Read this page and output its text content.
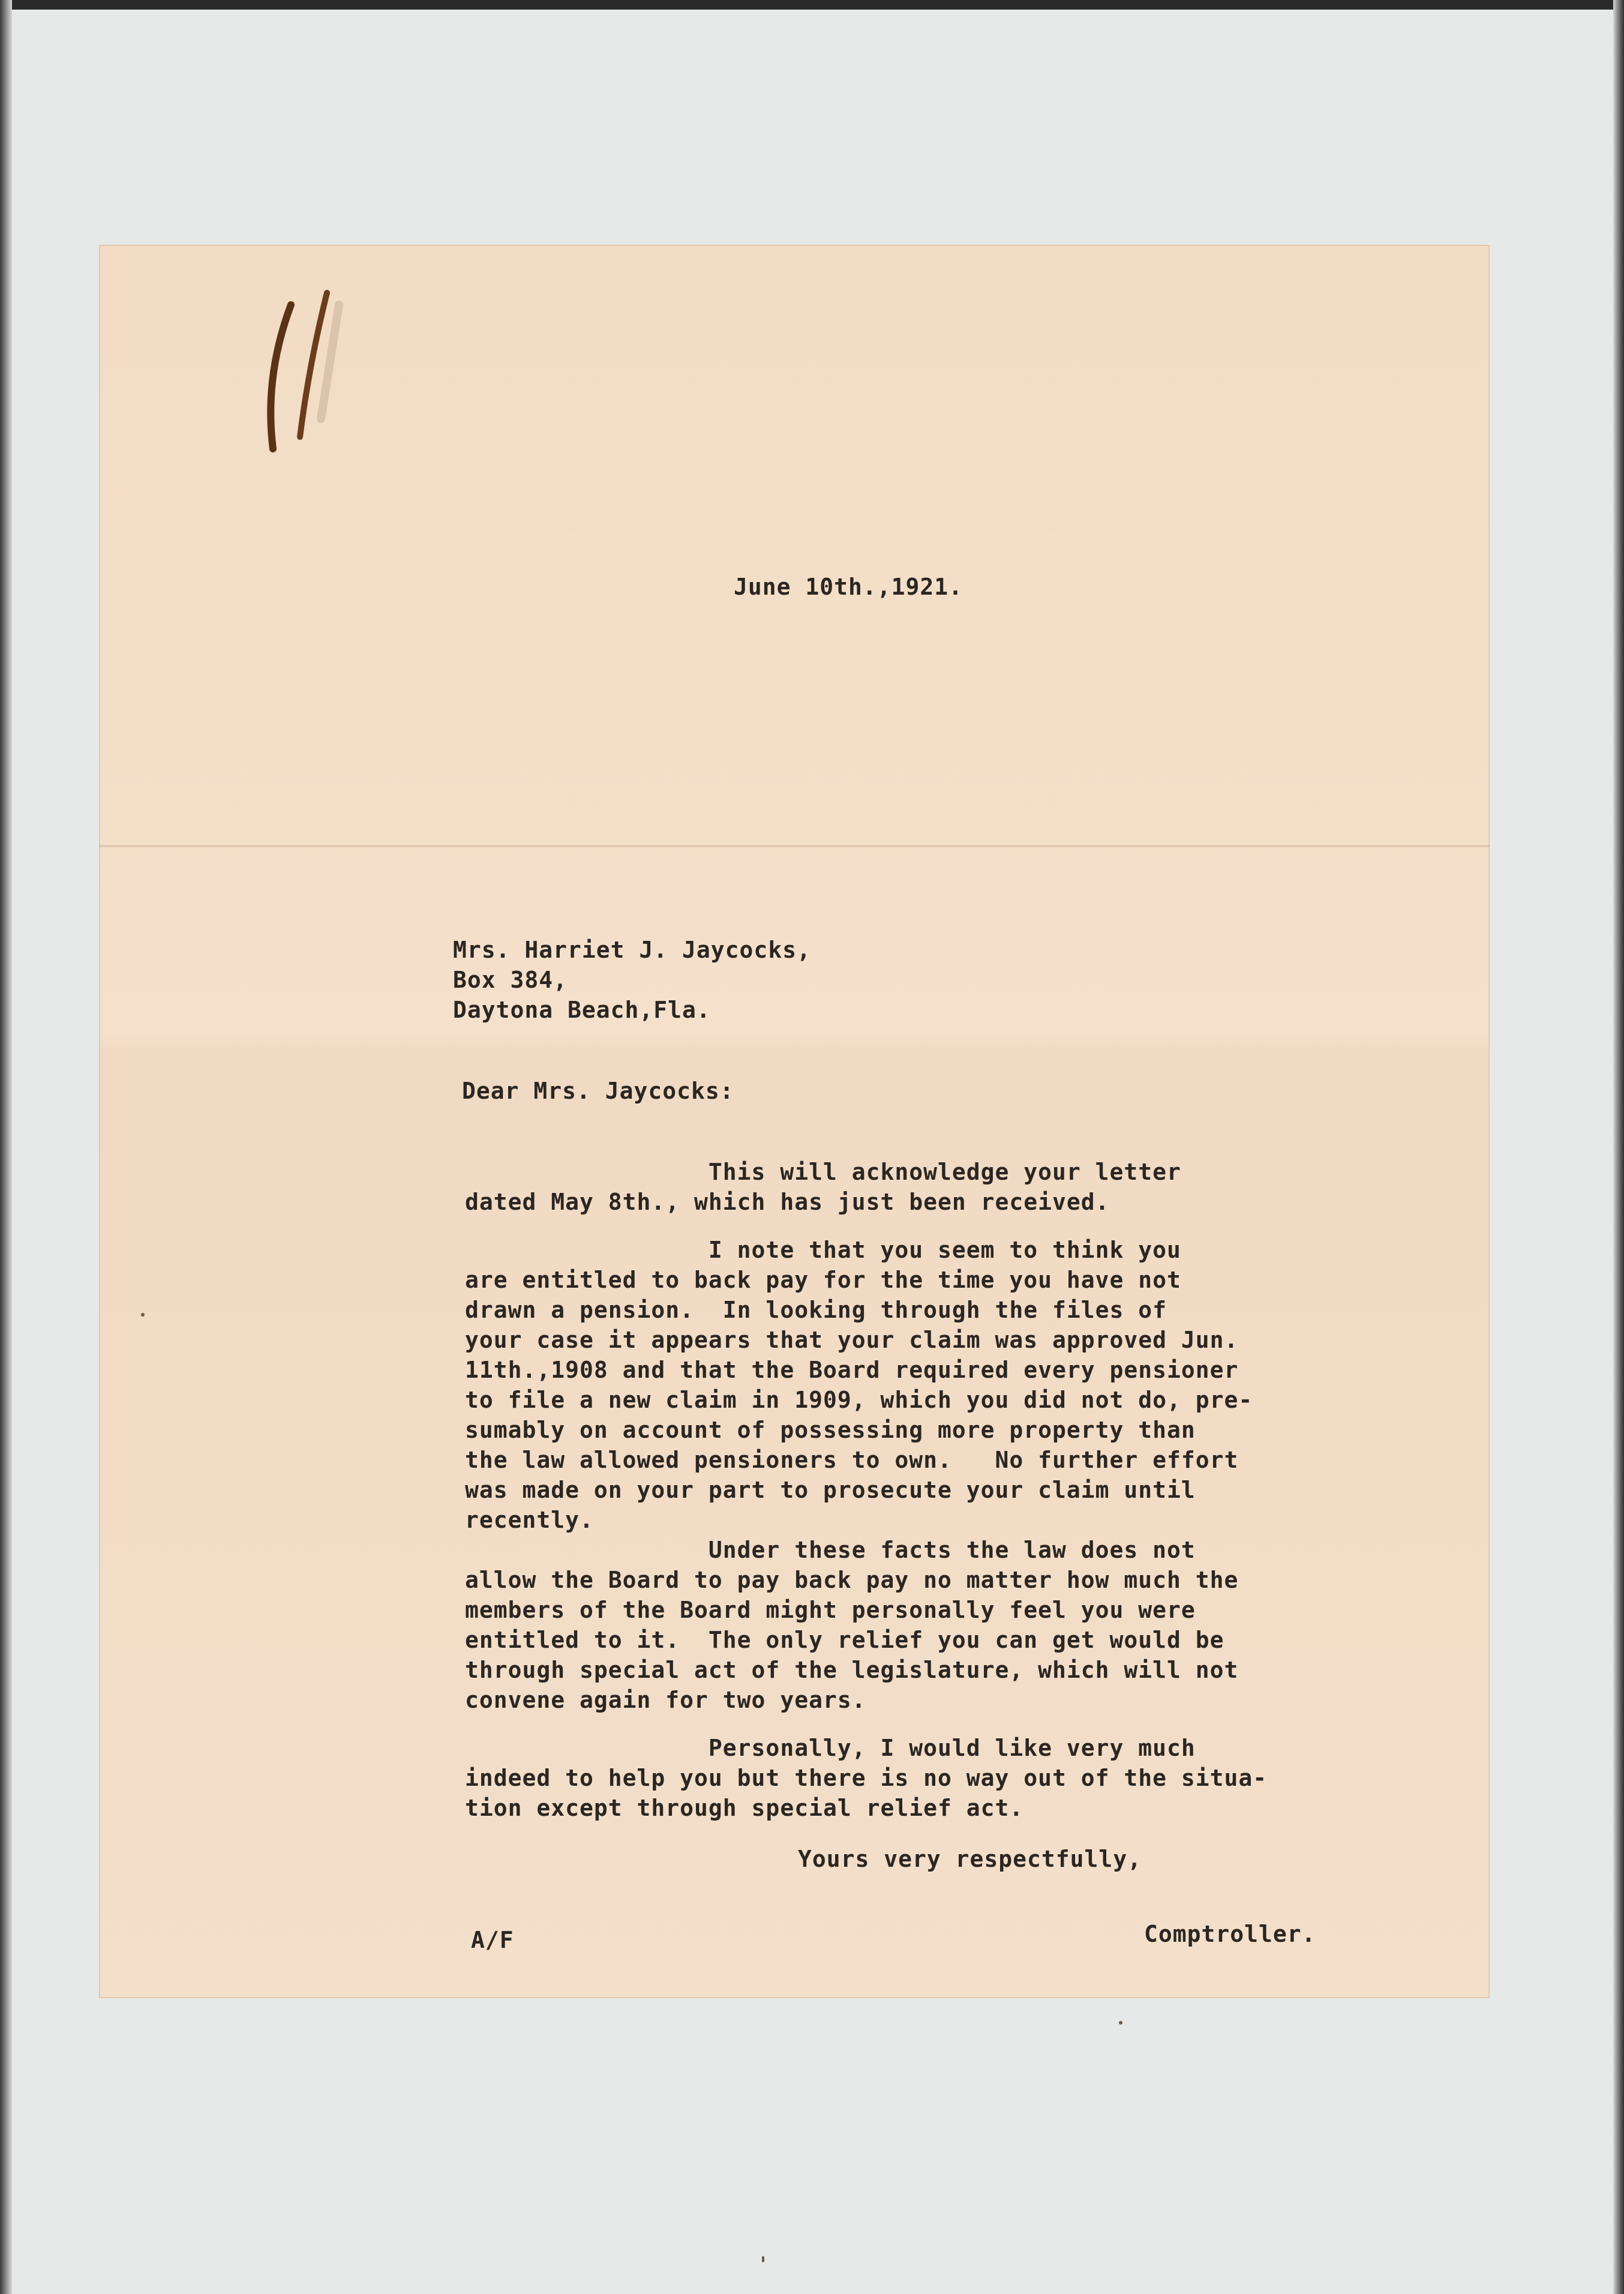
June 10th.,1921.
Mrs. Harriet J. Jaycocks,
Box 384,
Daytona Beach,Fla.
Dear Mrs. Jaycocks:
This will acknowledge your letter
dated May 8th., which has just been received.
I note that you seem to think you
are entitled to back pay for the time you have not
drawn a pension.  In looking through the files of
your case it appears that your claim was approved Jun.
11th.,1908 and that the Board required every pensioner
to file a new claim in 1909, which you did not do, pre-
sumably on account of possessing more property than
the law allowed pensioners to own.   No further effort
was made on your part to prosecute your claim until
recently.
Under these facts the law does not
allow the Board to pay back pay no matter how much the
members of the Board might personally feel you were
entitled to it.  The only relief you can get would be
through special act of the legislature, which will not
convene again for two years.
Personally, I would like very much
indeed to help you but there is no way out of the situa-
tion except through special relief act.
Yours very respectfully,
A/F	Comptroller.
